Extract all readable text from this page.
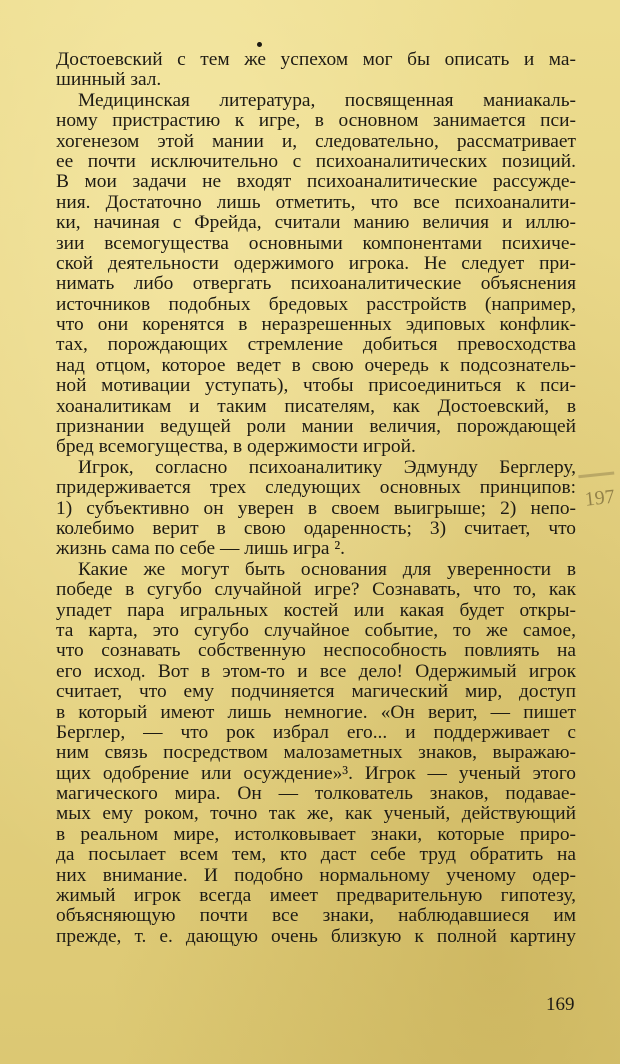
Достоевский с тем же успехом мог бы описать и ма-
шинный зал.
Медицинская литература, посвященная маниакаль-
ному пристрастию к игре, в основном занимается пси-
хогенезом этой мании и, следовательно, рассматривает
ее почти исключительно с психоаналитических позиций.
В мои задачи не входят психоаналитические рассужде-
ния. Достаточно лишь отметить, что все психоаналити-
ки, начиная с Фрейда, считали манию величия и иллю-
зии всемогущества основными компонентами психиче-
ской деятельности одержимого игрока. Не следует при-
нимать либо отвергать психоаналитические объяснения
источников подобных бредовых расстройств (например,
что они коренятся в неразрешенных эдиповых конфлик-
тах, порождающих стремление добиться превосходства
над отцом, которое ведет в свою очередь к подсознатель-
ной мотивации уступать), чтобы присоединиться к пси-
хоаналитикам и таким писателям, как Достоевский, в
признании ведущей роли мании величия, порождающей
бред всемогущества, в одержимости игрой.
Игрок, согласно психоаналитику Эдмунду Берглеру,
придерживается трех следующих основных принципов:
1) субъективно он уверен в своем выигрыше; 2) непо-
колебимо верит в свою одаренность; 3) считает, что
жизнь сама по себе — лишь игра ².
Какие же могут быть основания для уверенности в
победе в сугубо случайной игре? Сознавать, что то, как
упадет пара игральных костей или какая будет откры-
та карта, это сугубо случайное событие, то же самое,
что сознавать собственную неспособность повлиять на
его исход. Вот в этом-то и все дело! Одержимый игрок
считает, что ему подчиняется магический мир, доступ
в который имеют лишь немногие. «Он верит, — пишет
Берглер, — что рок избрал его... и поддерживает с
ним связь посредством малозаметных знаков, выражаю-
щих одобрение или осуждение»³. Игрок — ученый этого
магического мира. Он — толкователь знаков, подавае-
мых ему роком, точно так же, как ученый, действующий
в реальном мире, истолковывает знаки, которые приро-
да посылает всем тем, кто даст себе труд обратить на
них внимание. И подобно нормальному ученому одер-
жимый игрок всегда имеет предварительную гипотезу,
объясняющую почти все знаки, наблюдавшиеся им
прежде, т. е. дающую очень близкую к полной картину
197
169
